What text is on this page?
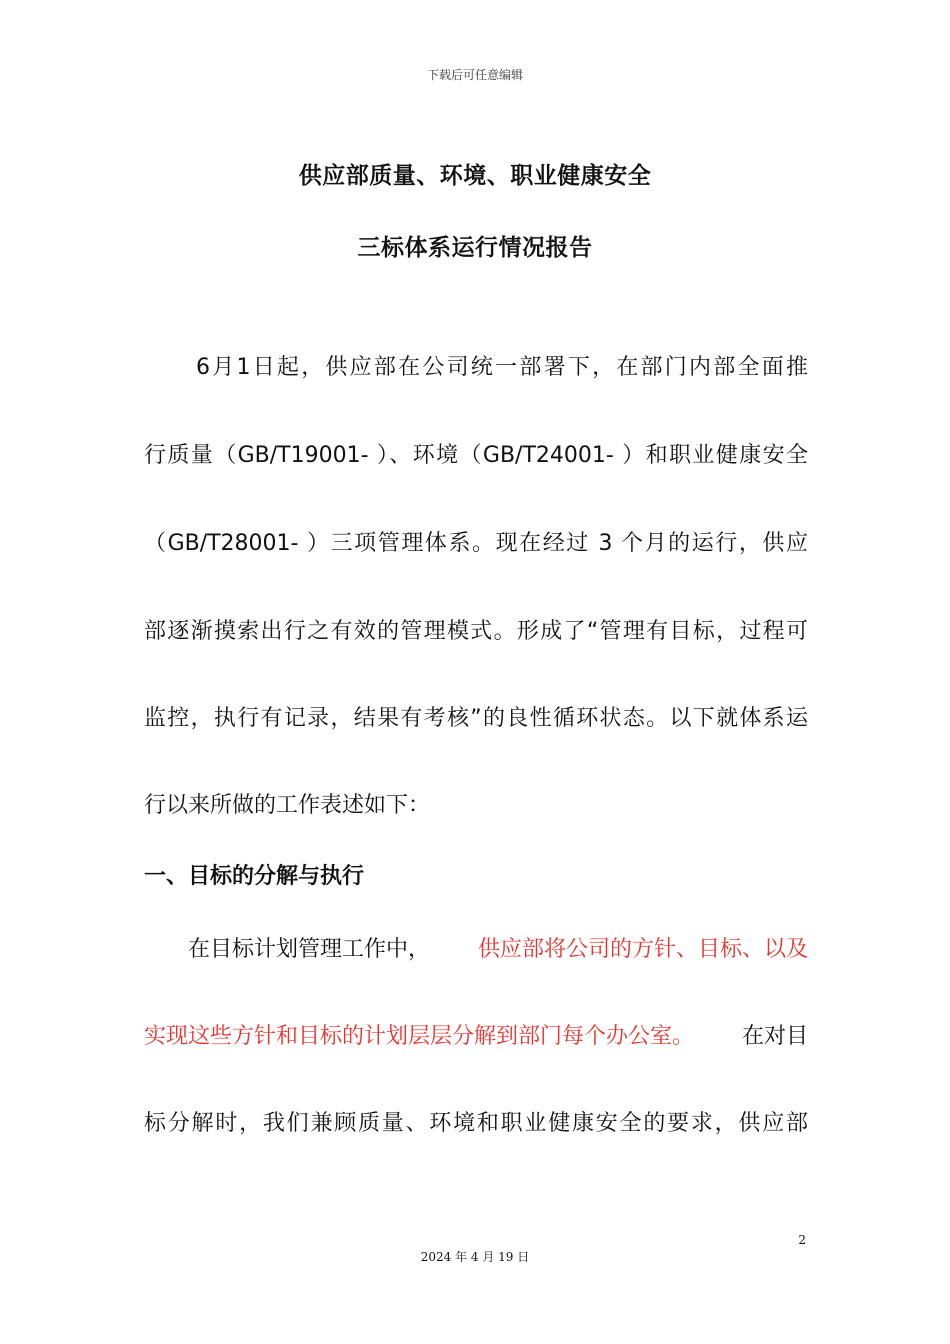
下载后可任意编辑
供应部质量、环境、职业健康安全
三标体系运行情况报告
6月1日起，供应部在公司统一部署下，在部门内部全面推
行质量（GB/T19001- ）、环境（GB/T24001- ）和职业健康安全
（GB/T28001- ）三项管理体系。现在经过 3 个月的运行，供应
部逐渐摸索出行之有效的管理模式。形成了“管理有目标，过程可
监控，执行有记录，结果有考核”的良性循环状态。以下就体系运
行以来所做的工作表述如下：
一、目标的分解与执行
在目标计划管理工作中， 供应部将公司的方针、目标、以及
实现这些方针和目标的计划层层分解到部门每个办公室。 在对目
标分解时，我们兼顾质量、环境和职业健康安全的要求，供应部
2
2024 年 4 月 19 日
